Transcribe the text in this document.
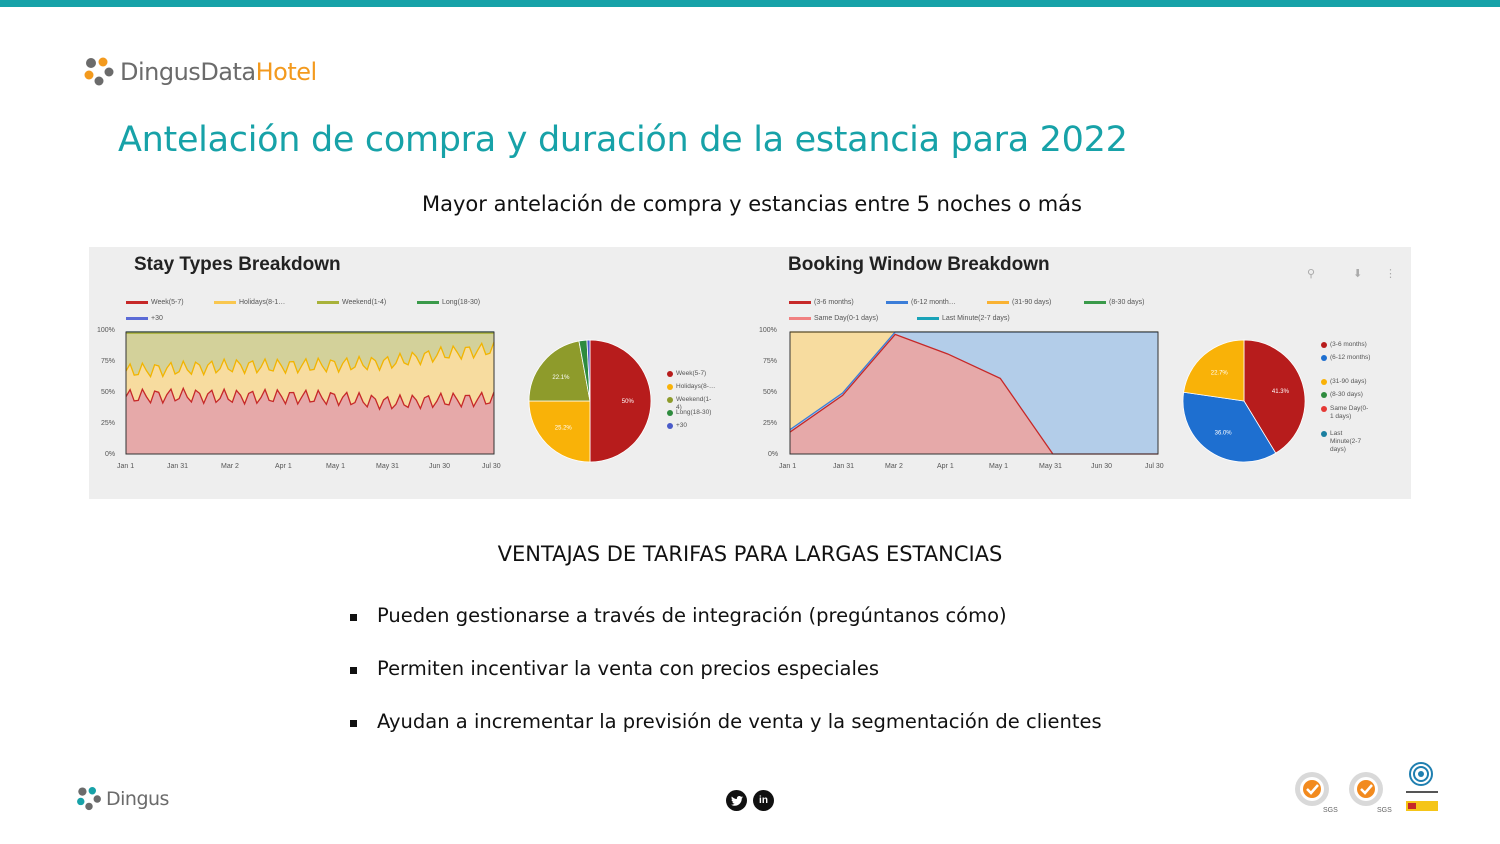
DingusDataHotel
Antelación de compra y duración de la estancia para 2022
Mayor antelación de compra y estancias entre 5 noches o más
Stay Types Breakdown	Booking Window Breakdown	⚲	⬇ ⋮
Week(5-7)	Holidays(8-1…	Weekend(1-4)	Long(18-30)
+30
(3-6 months)	(6-12 month…	(31-90 days)	(8-30 days)
Same Day(0-1 days)	Last Minute(2-7 days)
100%
75%
50%
25%
0%
Jan 1	Jan 31	Mar 2	Apr 1	May 1	May 31	Jun 30	Jul 30
100%
75%
50%
25%
0%
Jan 1	Jan 31	Mar 2	Apr 1	May 1	May 31	Jun 30	Jul 30
50%
25.2%
22.1%
Week(5-7)
Holidays(8-…
Weekend(1-4)
Long(18-30)
+30
41.3%
36.0%
22.7%
(3-6 months)
(6-12 months)
(31-90 days)
(8-30 days)
Same Day(0-1 days)
Last Minute(2-7 days)
VENTAJAS DE TARIFAS PARA LARGAS ESTANCIAS
Pueden gestionarse a través de integración (pregúntanos cómo)
Permiten incentivar la venta con precios especiales
Ayudan a incrementar la previsión de venta y la segmentación de clientes
Dingus	in
SGS	SGS
